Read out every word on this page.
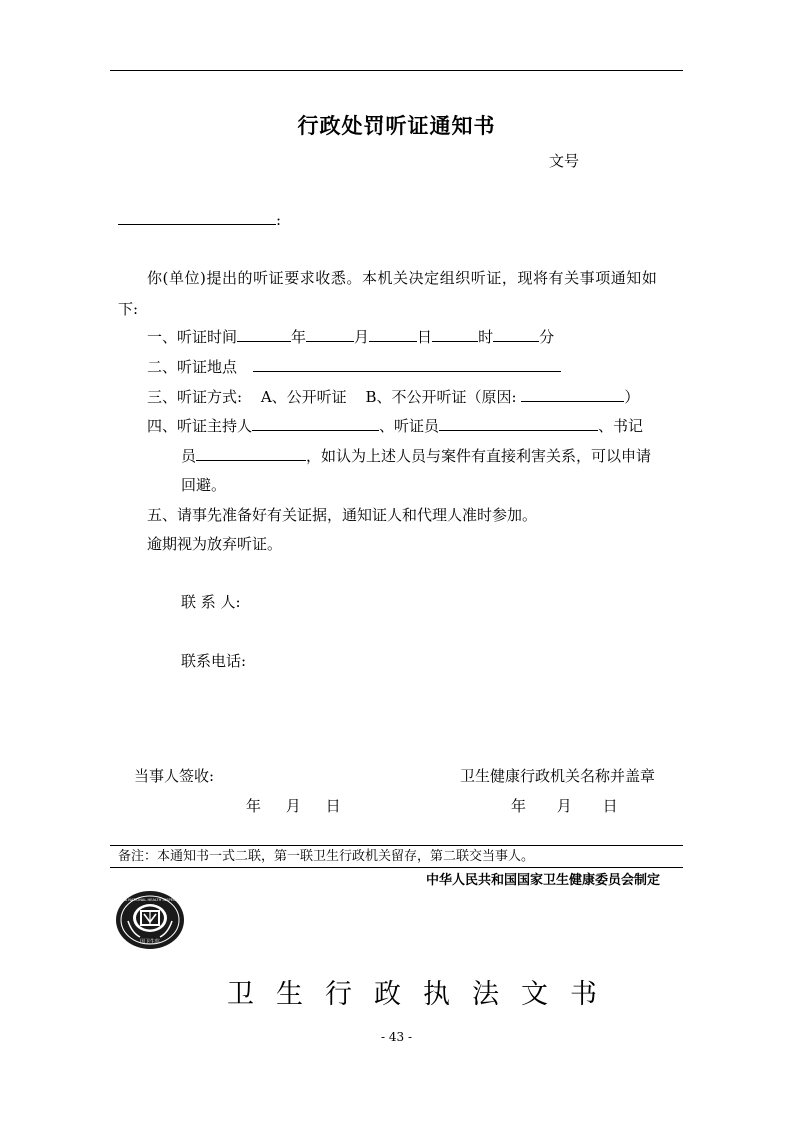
行政处罚听证通知书
文号
:
你(单位)提出的听证要求收悉。本机关决定组织听证，现将有关事项通知如
下:
一、听证时间	年	月	日	时	分
二、听证地点
三、听证方式: A、公开听证 B、不公开听证（原因:	）
四、听证主持人	、听证员	、书记
员	，如认为上述人员与案件有直接利害关系，可以申请
回避。
五、请事先准备好有关证据，通知证人和代理人准时参加。
逾期视为放弃听证。
联 系 人:
联系电话:
当事人签收:	卫生健康行政机关名称并盖章
年 月 日	年 月 日
备注：本通知书一式二联，第一联卫生行政机关留存，第二联交当事人。
中华人民共和国国家卫生健康委员会制定
国卫生监
CHINA NATIONAL HEALTH INSPECTION
卫 生 行 政 执 法 文 书
- 43 -
